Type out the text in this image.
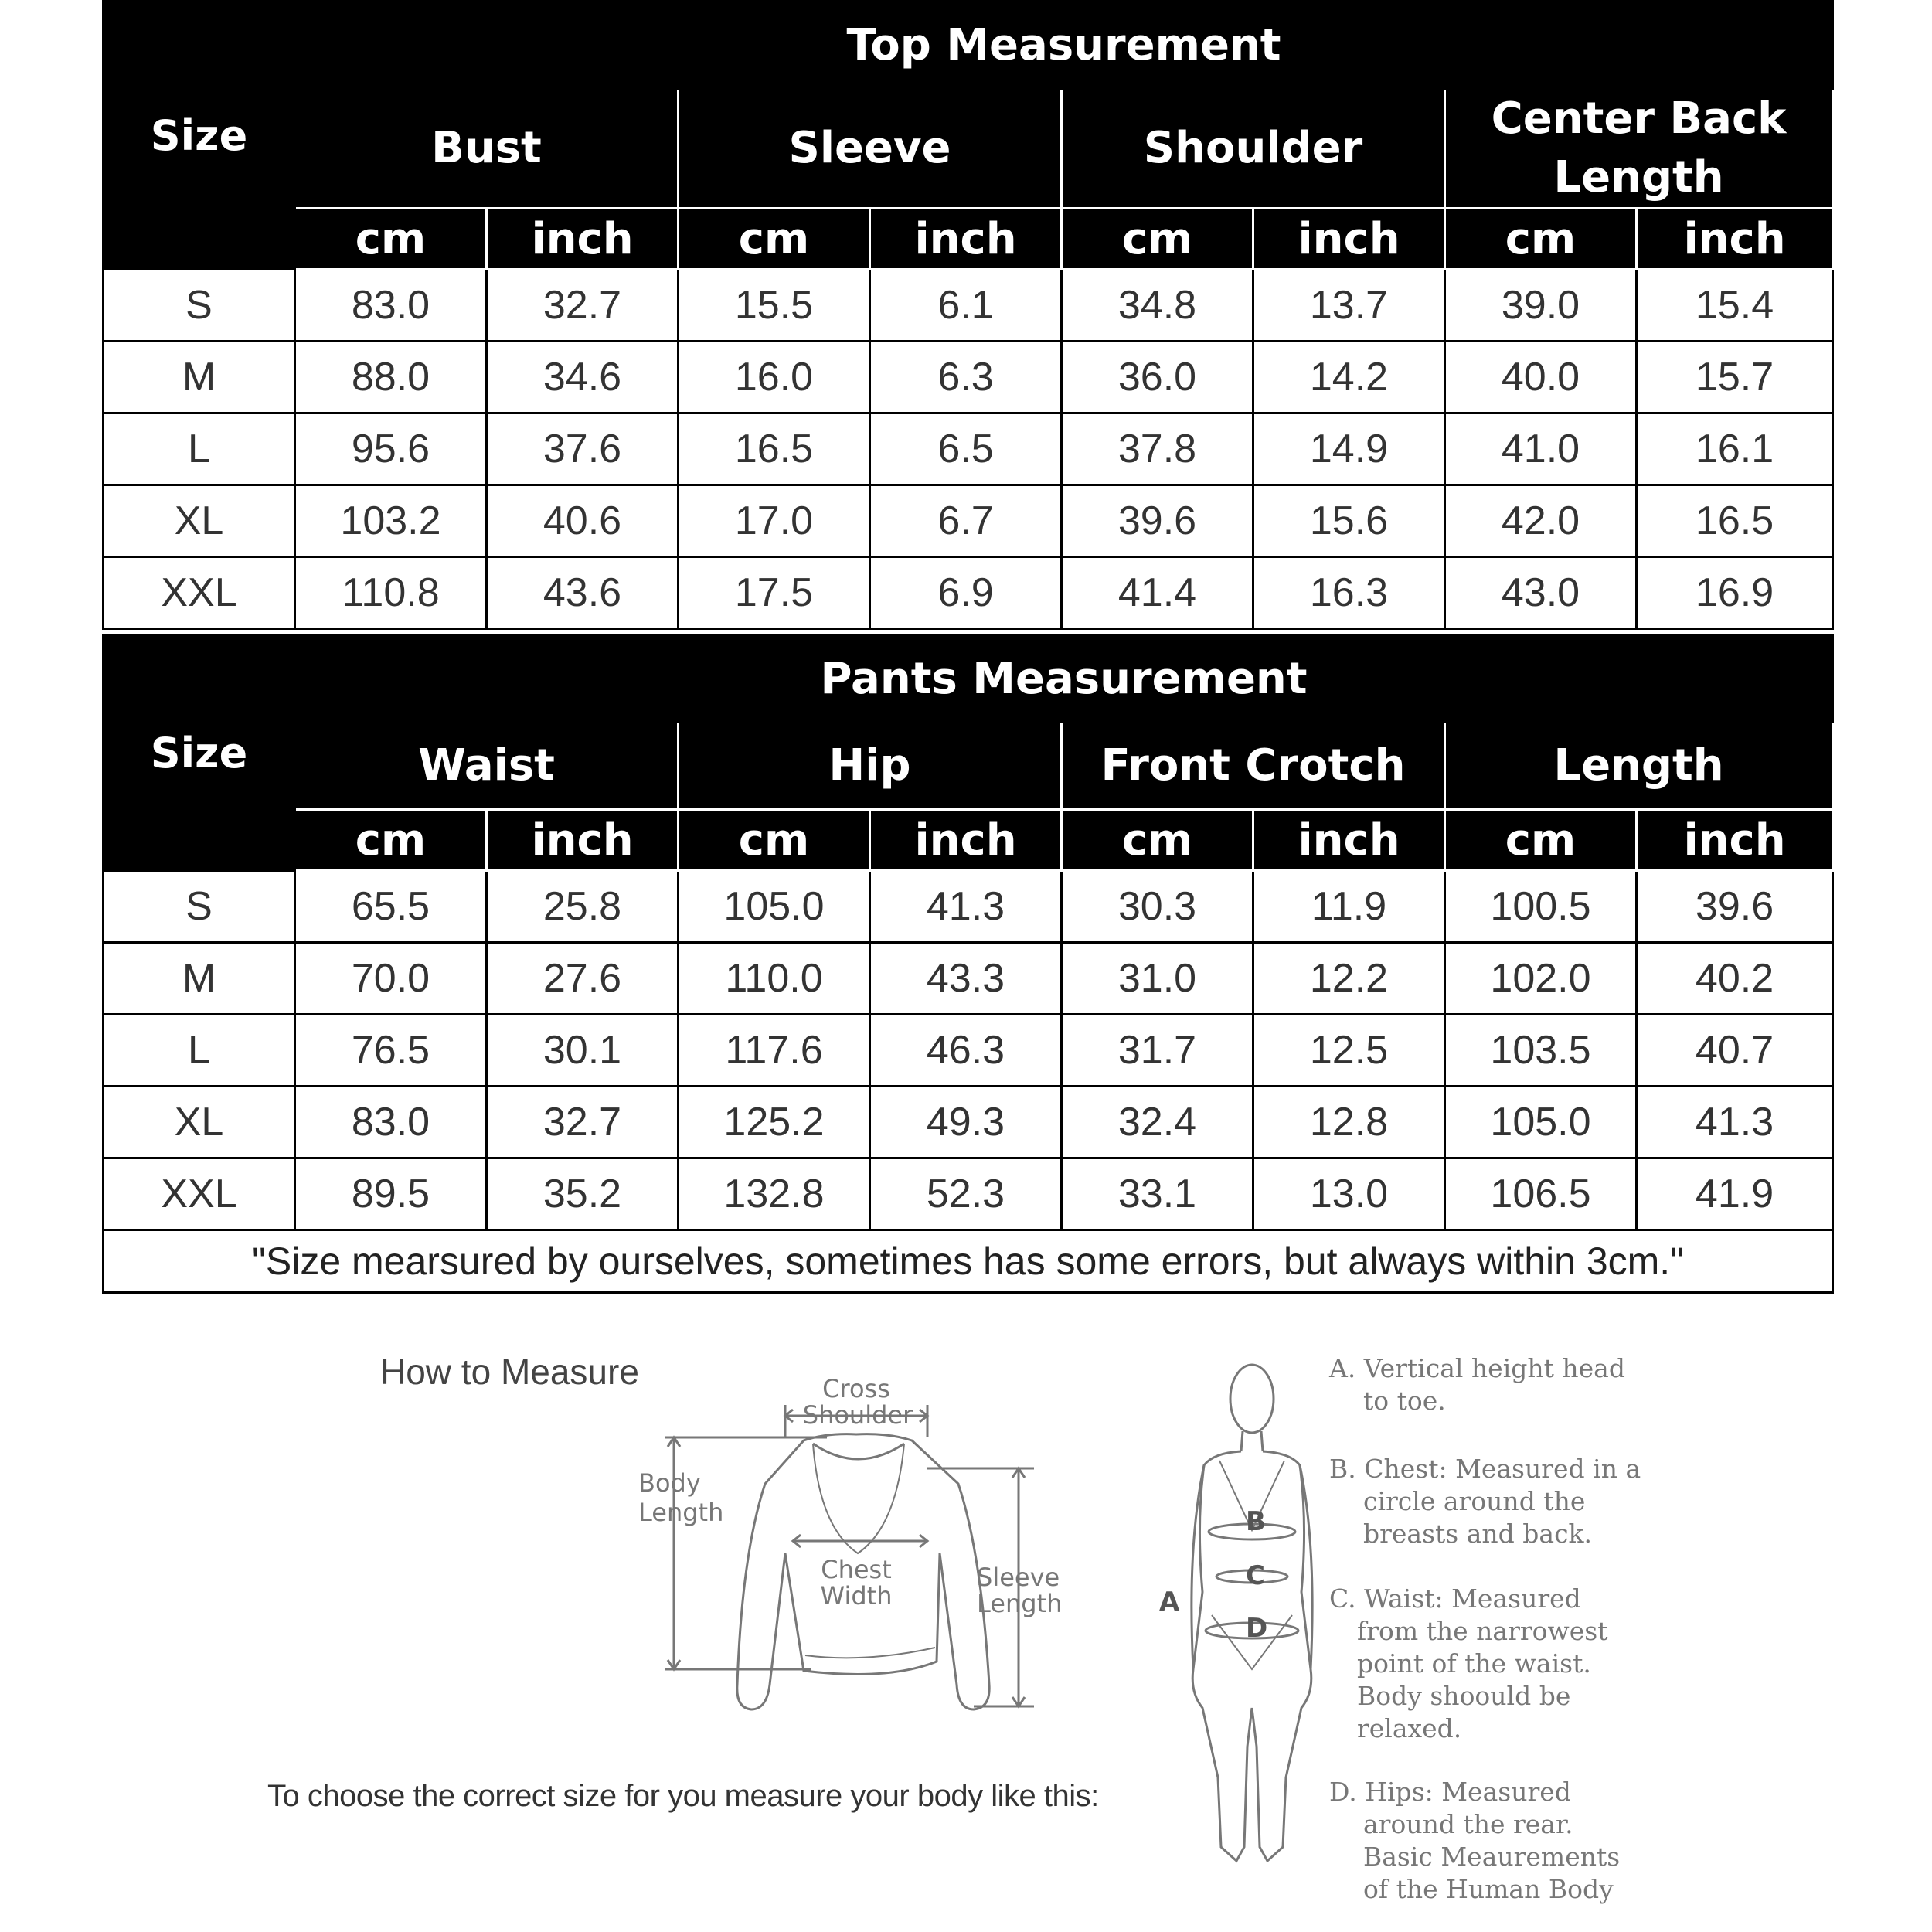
Size	Top Measurement							
	Bust		Sleeve		Shoulder		Center Back Length	
	cm	inch	cm	inch	cm	inch	cm	inch
S	83.0	32.7	15.5	6.1	34.8	13.7	39.0	15.4
M	88.0	34.6	16.0	6.3	36.0	14.2	40.0	15.7
L	95.6	37.6	16.5	6.5	37.8	14.9	41.0	16.1
XL	103.2	40.6	17.0	6.7	39.6	15.6	42.0	16.5
XXL	110.8	43.6	17.5	6.9	41.4	16.3	43.0	16.9
Size	Pants Measurement							
	Waist		Hip		Front Crotch		Length	
	cm	inch	cm	inch	cm	inch	cm	inch
S	65.5	25.8	105.0	41.3	30.3	11.9	100.5	39.6
M	70.0	27.6	110.0	43.3	31.0	12.2	102.0	40.2
L	76.5	30.1	117.6	46.3	31.7	12.5	103.5	40.7
XL	83.0	32.7	125.2	49.3	32.4	12.8	105.0	41.3
XXL	89.5	35.2	132.8	52.3	33.1	13.0	106.5	41.9
"Size mearsured by ourselves, sometimes has some errors, but always within 3cm."								
How to Measure
To choose the correct size for you measure your body like this:
Cross
Shoulder
Body
Length
Chest
Width
Sleeve
Length
B
C
D
A
A. Vertical height head
to toe.
B. Chest: Measured in a
circle around the
breasts and back.
C. Waist: Measured
from the narrowest
point of the waist.
Body shoould be
relaxed.
D. Hips: Measured
around the rear.
Basic Meaurements
of the Human Body
